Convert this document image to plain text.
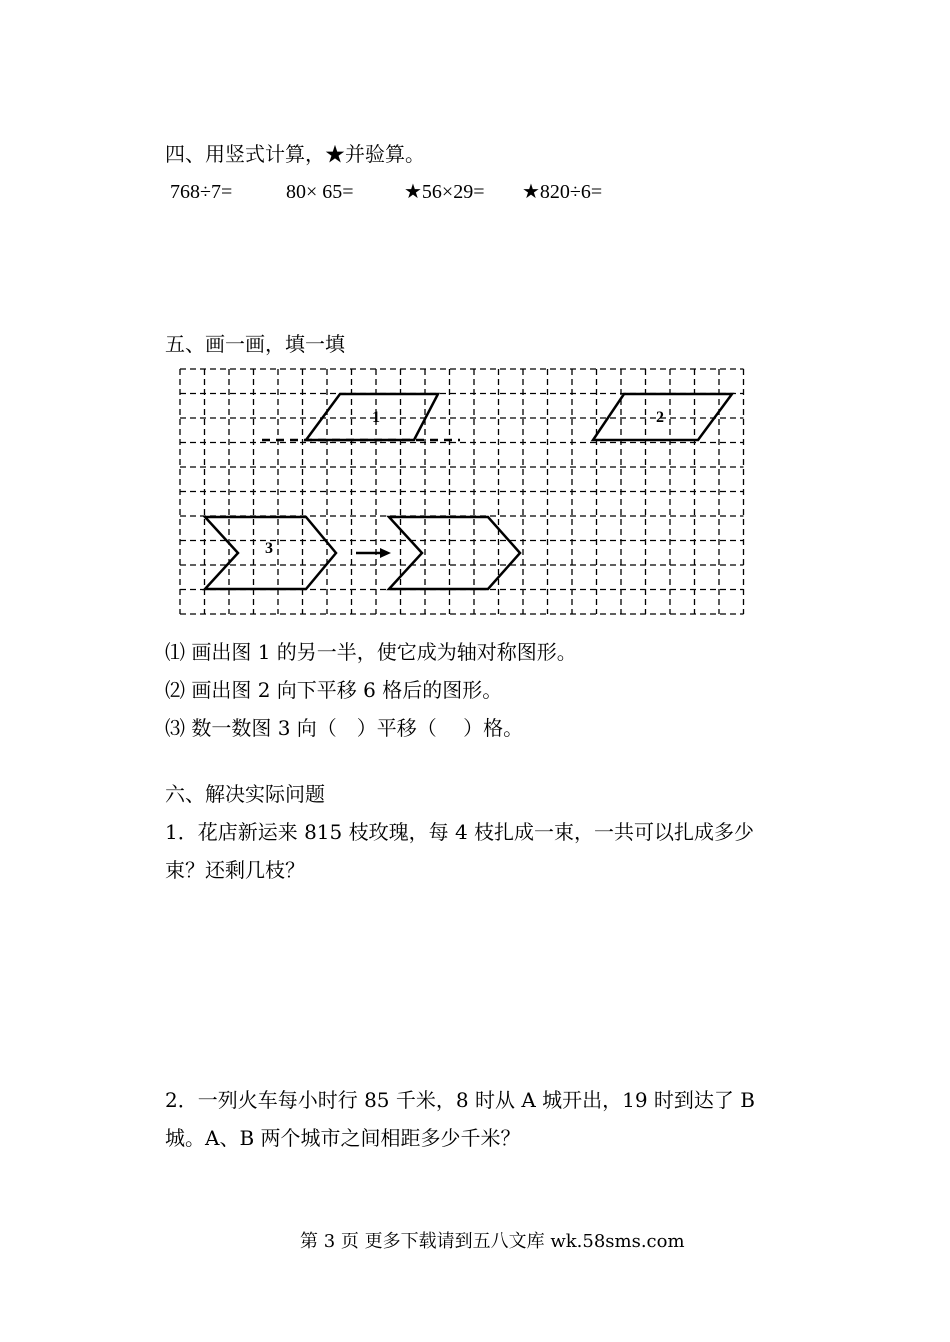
四、用竖式计算，★并验算。
768÷7=	80× 65=	★56×29= ★820÷6=
五、画一画，填一填
1	2
3
⑴ 画出图 1 的另一半，使它成为轴对称图形。
⑵ 画出图 2 向下平移 6 格后的图形。
⑶ 数一数图 3 向（　）平移（　 ）格。
六、解决实际问题
1．花店新运来 815 枝玫瑰，每 4 枝扎成一束，一共可以扎成多少
束？还剩几枝？
2．一列火车每小时行 85 千米，8 时从 A 城开出，19 时到达了 B
城。A、B 两个城市之间相距多少千米？
第 3 页 更多下载请到五八文库 wk.58sms.com
